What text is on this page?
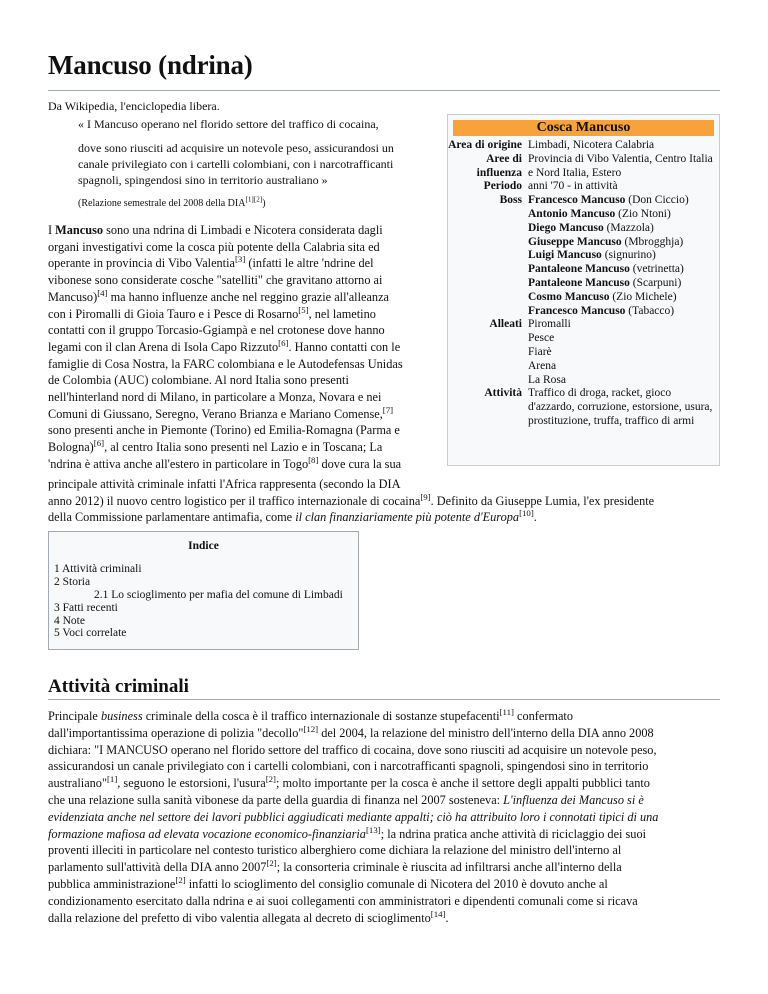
Mancuso (ndrina)
Da Wikipedia, l'enciclopedia libera.
« I Mancuso operano nel florido settore del traffico di cocaina,
dove sono riusciti ad acquisire un notevole peso, assicurandosi un
canale privilegiato con i cartelli colombiani, con i narcotrafficanti
spagnoli, spingendosi sino in territorio australiano »
(Relazione semestrale del 2008 della DIA[1][2])
I Mancuso sono una ndrina di Limbadi e Nicotera considerata dagli
organi investigativi come la cosca più potente della Calabria sita ed
operante in provincia di Vibo Valentia[3] (infatti le altre 'ndrine del
vibonese sono considerate cosche "satelliti" che gravitano attorno ai
Mancuso)[4] ma hanno influenze anche nel reggino grazie all'alleanza
con i Piromalli di Gioia Tauro e i Pesce di Rosarno[5], nel lametino
contatti con il gruppo Torcasio-Ggiampà e nel crotonese dove hanno
legami con il clan Arena di Isola Capo Rizzuto[6]. Hanno contatti con le
famiglie di Cosa Nostra, la FARC colombiana e le Autodefensas Unidas
de Colombia (AUC) colombiane. Al nord Italia sono presenti
nell'hinterland nord di Milano, in particolare a Monza, Novara e nei
Comuni di Giussano, Seregno, Verano Brianza e Mariano Comense,[7]
sono presenti anche in Piemonte (Torino) ed Emilia-Romagna (Parma e
Bologna)[6], al centro Italia sono presenti nel Lazio e in Toscana; La
'ndrina è attiva anche all'estero in particolare in Togo[8] dove cura la sua
principale attività criminale infatti l'Africa rappresenta (secondo la DIA
anno 2012) il nuovo centro logistico per il traffico internazionale di cocaina[9]. Definito da Giuseppe Lumia, l'ex presidente
della Commissione parlamentare antimafia, come il clan finanziariamente più potente d'Europa[10].
Cosca Mancuso
Area di origine Limbadi, Nicotera Calabria
Aree di influenza
Provincia di Vibo Valentia, Centro Italia e Nord Italia, Estero
Periodo anni '70 - in attività
Boss Francesco Mancuso (Don Ciccio)
Antonio Mancuso (Zio Ntoni)
Diego Mancuso (Mazzola)
Giuseppe Mancuso (Mbrogghja)
Luigi Mancuso (signurino)
Pantaleone Mancuso (vetrinetta)
Pantaleone Mancuso (Scarpuni)
Cosmo Mancuso (Zio Michele)
Francesco Mancuso (Tabacco)
Alleati Piromalli
Pesce
Fiarè
Arena
La Rosa
Attività Traffico di droga, racket, gioco d'azzardo, corruzione, estorsione, usura, prostituzione, truffa, traffico di armi
Indice
1 Attività criminali
2 Storia
2.1 Lo scioglimento per mafia del comune di Limbadi
3 Fatti recenti
4 Note
5 Voci correlate
Attività criminali
Principale business criminale della cosca è il traffico internazionale di sostanze stupefacenti[11] confermato
dall'importantissima operazione di polizia "decollo"[12] del 2004, la relazione del ministro dell'interno della DIA anno 2008
dichiara: "I MANCUSO operano nel florido settore del traffico di cocaina, dove sono riusciti ad acquisire un notevole peso,
assicurandosi un canale privilegiato con i cartelli colombiani, con i narcotrafficanti spagnoli, spingendosi sino in territorio
australiano"[1], seguono le estorsioni, l'usura[2]; molto importante per la cosca è anche il settore degli appalti pubblici tanto
che una relazione sulla sanità vibonese da parte della guardia di finanza nel 2007 sosteneva: L'influenza dei Mancuso si è
evidenziata anche nel settore dei lavori pubblici aggiudicati mediante appalti; ciò ha attribuito loro i connotati tipici di una
formazione mafiosa ad elevata vocazione economico-finanziaria[13]; la ndrina pratica anche attività di riciclaggio dei suoi
proventi illeciti in particolare nel contesto turistico alberghiero come dichiara la relazione del ministro dell'interno al
parlamento sull'attività della DIA anno 2007[2]; la consorteria criminale è riuscita ad infiltrarsi anche all'interno della
pubblica amministrazione[2] infatti lo scioglimento del consiglio comunale di Nicotera del 2010 è dovuto anche al
condizionamento esercitato dalla ndrina e ai suoi collegamenti con amministratori e dipendenti comunali come si ricava
dalla relazione del prefetto di vibo valentia allegata al decreto di scioglimento[14].
